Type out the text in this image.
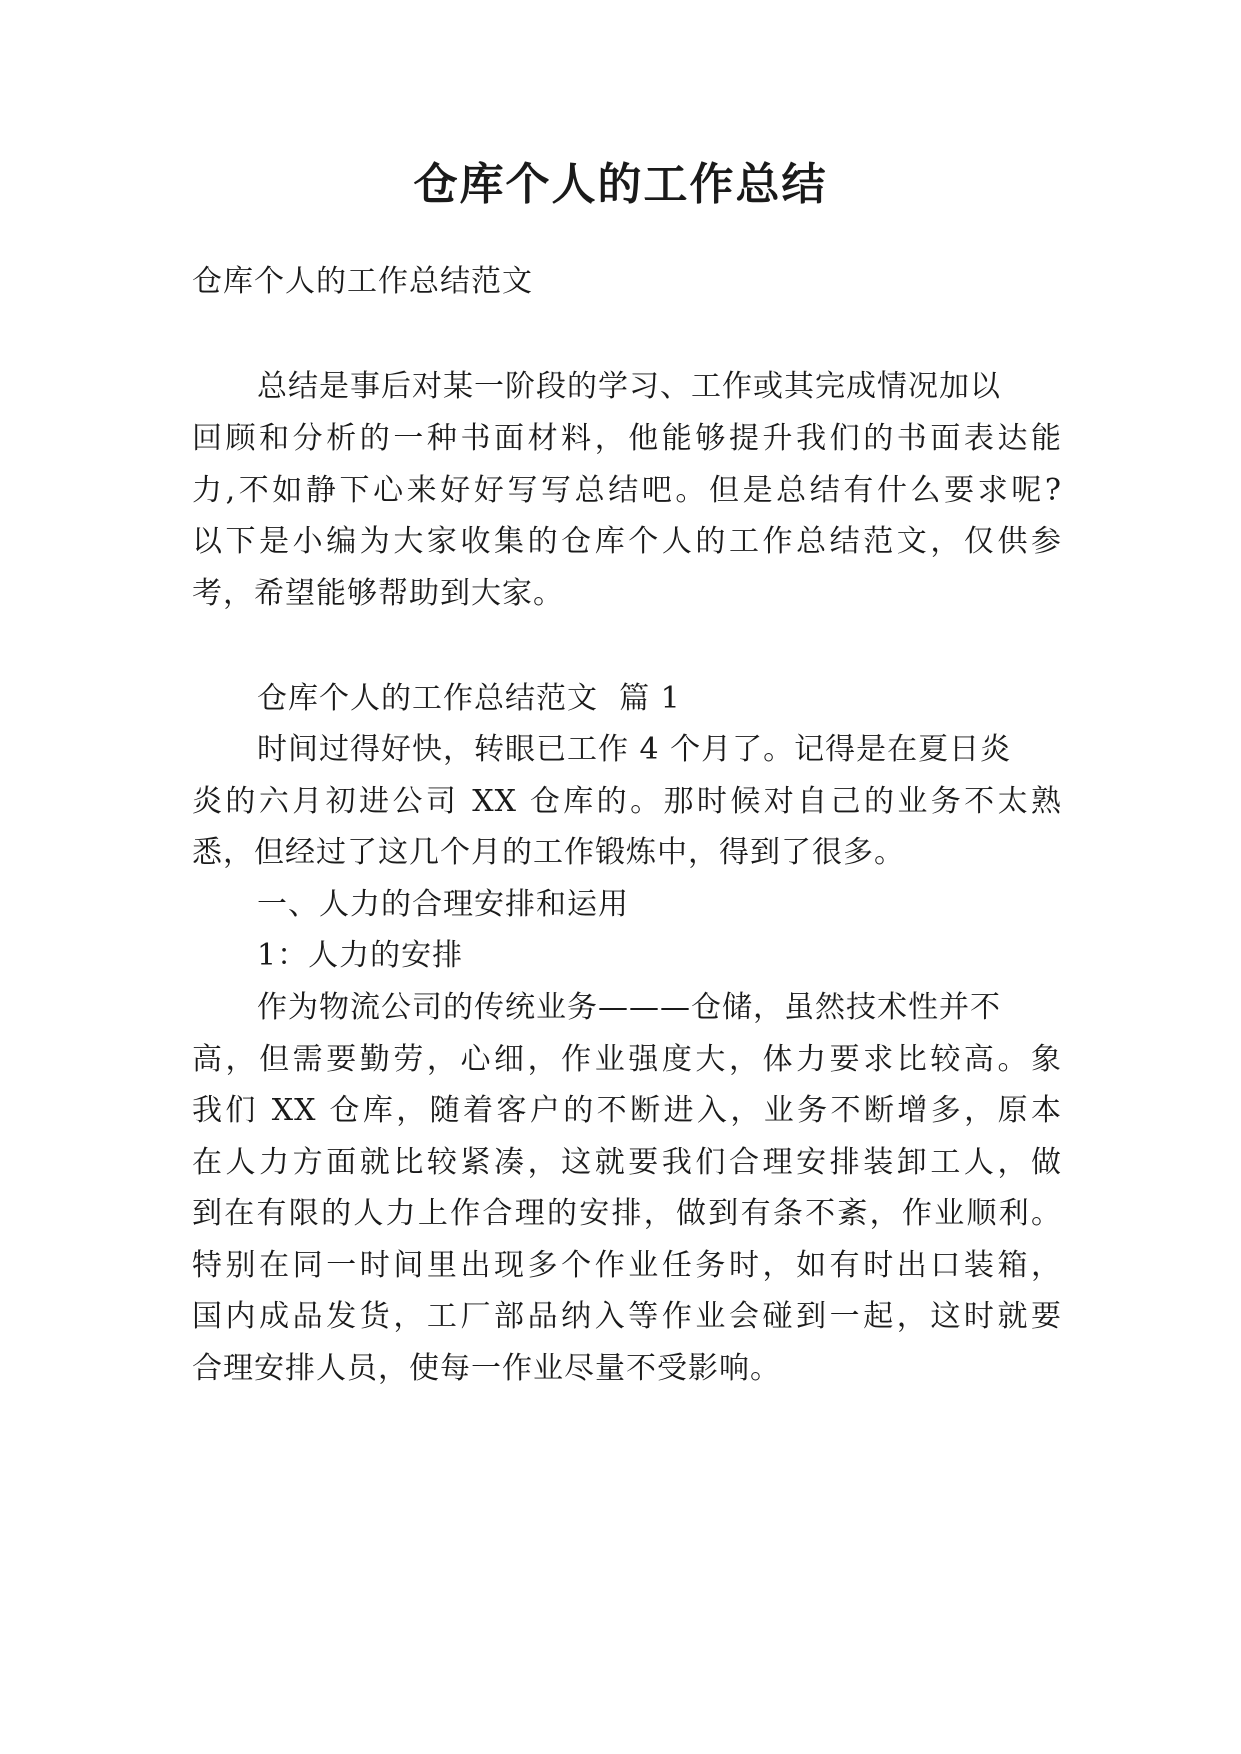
仓库个人的工作总结

仓库个人的工作总结范文

总结是事后对某一阶段的学习、工作或其完成情况加以

回顾和分析的一种书面材料，他能够提升我们的书面表达能

力,不如静下心来好好写写总结吧。但是总结有什么要求呢?

以下是小编为大家收集的仓库个人的工作总结范文，仅供参

考，希望能够帮助到大家。

仓库个人的工作总结范文  篇 1

时间过得好快，转眼已工作 4 个月了。记得是在夏日炎

炎的六月初进公司 XX 仓库的。那时候对自己的业务不太熟

悉，但经过了这几个月的工作锻炼中，得到了很多。

一、人力的合理安排和运用

1：人力的安排

作为物流公司的传统业务———仓储，虽然技术性并不

高，但需要勤劳，心细，作业强度大，体力要求比较高。象

我们 XX 仓库，随着客户的不断进入，业务不断增多，原本

在人力方面就比较紧凑，这就要我们合理安排装卸工人，做

到在有限的人力上作合理的安排，做到有条不紊，作业顺利。

特别在同一时间里出现多个作业任务时，如有时出口装箱，

国内成品发货，工厂部品纳入等作业会碰到一起，这时就要

合理安排人员，使每一作业尽量不受影响。
